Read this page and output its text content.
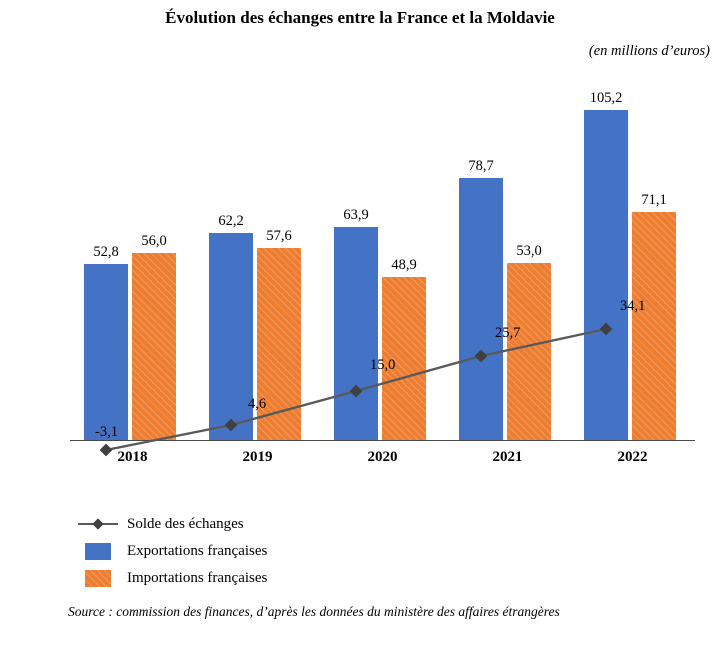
Évolution des échanges entre la France et la Moldavie
(en millions d’euros)
52,8
56,0
62,2
57,6
63,9
48,9
78,7
53,0
105,2
71,1
-3,1
4,6
15,0
25,7
34,1
2018	2019	2020	2021	2022
Solde des échanges
Exportations françaises
Importations françaises
Source : commission des finances, d’après les données du ministère des affaires étrangères
